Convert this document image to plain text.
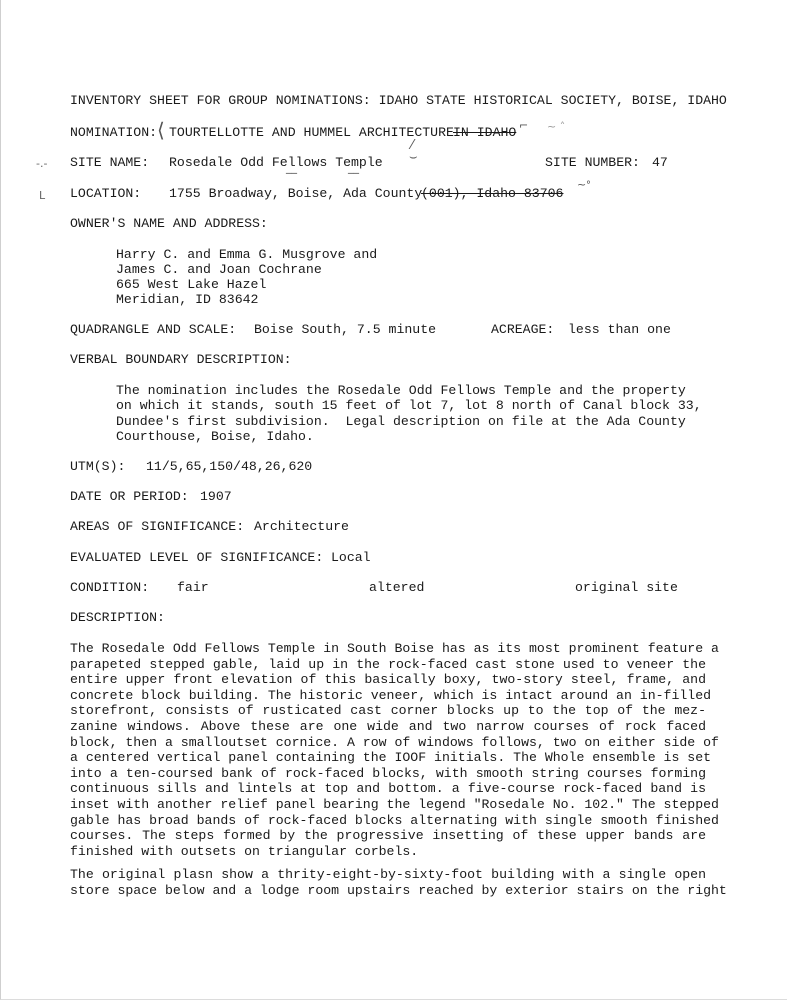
INVENTORY SHEET FOR GROUP NOMINATIONS: IDAHO STATE HISTORICAL SOCIETY, BOISE, IDAHO
NOMINATION: ⟨ TOURTELLOTTE AND HUMMEL ARCHITECTURE IN IDAHO ⌐ ~ ˄
‐.‐ SITE NAME: Rosedale Odd Fellows Temple
⁄
⌣	SITE NUMBER: 47
‾‾	‾‾
ᒪ LOCATION: 1755 Broadway, Boise, Ada County
(001), Idaho 83706
~ᐤ
OWNER'S NAME AND ADDRESS:
Harry C. and Emma G. Musgrove and
James C. and Joan Cochrane
665 West Lake Hazel
Meridian, ID 83642
QUADRANGLE AND SCALE: Boise South, 7.5 minute	ACREAGE: less than one
VERBAL BOUNDARY DESCRIPTION:
The nomination includes the Rosedale Odd Fellows Temple and the property
on which it stands, south 15 feet of lot 7, lot 8 north of Canal block 33,
Dundee's first subdivision.  Legal description on file at the Ada County
Courthouse, Boise, Idaho.
UTM(S): 11/5,65,150/48,26,620
DATE OR PERIOD: 1907
AREAS OF SIGNIFICANCE: Architecture
EVALUATED LEVEL OF SIGNIFICANCE: Local
CONDITION: fair	altered	original site
DESCRIPTION:
The Rosedale Odd Fellows Temple in South Boise has as its most prominent feature a
parapeted stepped gable, laid up in the rock-faced cast stone used to veneer the
entire upper front elevation of this basically boxy, two-story steel, frame, and
concrete block building. The historic veneer, which is intact around an in-filled
storefront, consists of rusticated cast corner blocks up to the top of the mez-
zanine windows. Above these are one wide and two narrow courses of rock faced
block, then a smalloutset cornice. A row of windows follows, two on either side of
a centered vertical panel containing the IOOF initials. The Whole ensemble is set
into a ten-coursed bank of rock-faced blocks, with smooth string courses forming
continuous sills and lintels at top and bottom. a five-course rock-faced band is
inset with another relief panel bearing the legend "Rosedale No. 102." The stepped
gable has broad bands of rock-faced blocks alternating with single smooth finished
courses. The steps formed by the progressive insetting of these upper bands are
finished with outsets on triangular corbels.
The original plasn show a thrity-eight-by-sixty-foot building with a single open
store space below and a lodge room upstairs reached by exterior stairs on the right
